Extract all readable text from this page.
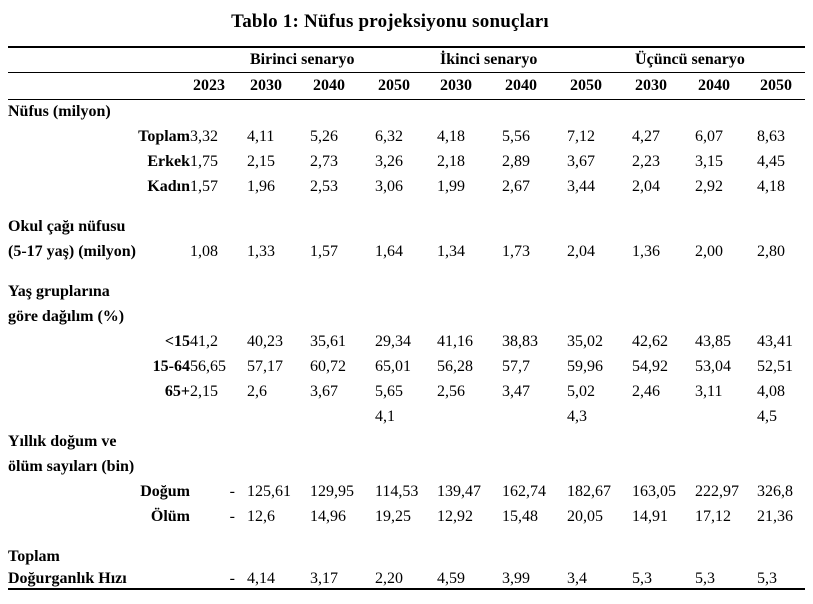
Tablo 1: Nüfus projeksiyonu sonuçları
		Birinci senaryo			İkinci senaryo			Üçüncü senaryo		
	2023	2030	2040	2050	2030	2040	2050	2030	2040	2050
Nüfus (milyon)										
Toplam	3,32	4,11	5,26	6,32	4,18	5,56	7,12	4,27	6,07	8,63
Erkek	1,75	2,15	2,73	3,26	2,18	2,89	3,67	2,23	3,15	4,45
Kadın	1,57	1,96	2,53	3,06	1,99	2,67	3,44	2,04	2,92	4,18

Okul çağı nüfusu										
(5-17 yaş) (milyon)	1,08	1,33	1,57	1,64	1,34	1,73	2,04	1,36	2,00	2,80

Yaş gruplarına										
göre dağılım (%)										
<15	41,2	40,23	35,61	29,34	41,16	38,83	35,02	42,62	43,85	43,41
15-64	56,65	57,17	60,72	65,01	56,28	57,7	59,96	54,92	53,04	52,51
65+	2,15	2,6	3,67	5,65	2,56	3,47	5,02	2,46	3,11	4,08
				4,1			4,3			4,5
Yıllık doğum ve										
ölüm sayıları (bin)										
Doğum	-	125,61	129,95	114,53	139,47	162,74	182,67	163,05	222,97	326,8
Ölüm	-	12,6	14,96	19,25	12,92	15,48	20,05	14,91	17,12	21,36

Toplam										
Doğurganlık Hızı	-	4,14	3,17	2,20	4,59	3,99	3,4	5,3	5,3	5,3
